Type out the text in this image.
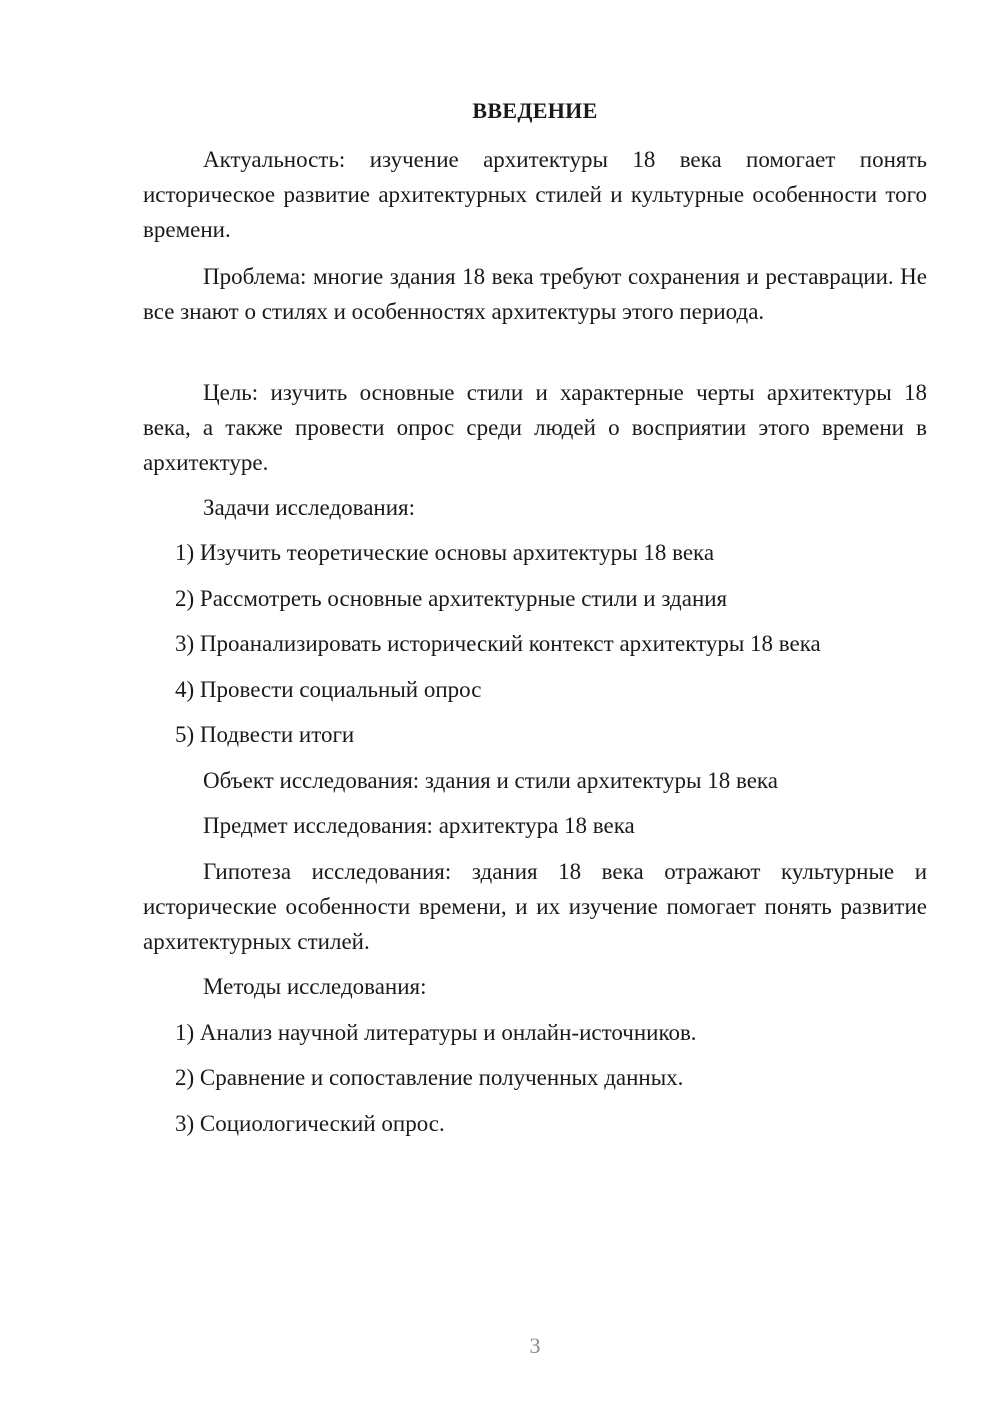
ВВЕДЕНИЕ

Актуальность: изучение архитектуры 18 века помогает понять историческое развитие архитектурных стилей и культурные особенности того времени.

Проблема: многие здания 18 века требуют сохранения и реставрации. Не все знают о стилях и особенностях архитектуры этого периода.

Цель: изучить основные стили и характерные черты архитектуры 18 века, а также провести опрос среди людей о восприятии этого времени в архитектуре.

Задачи исследования:

1) Изучить теоретические основы архитектуры 18 века

2) Рассмотреть основные архитектурные стили и здания

3) Проанализировать исторический контекст архитектуры 18 века

4) Провести социальный опрос

5) Подвести итоги

Объект исследования: здания и стили архитектуры 18 века

Предмет исследования: архитектура 18 века

Гипотеза исследования: здания 18 века отражают культурные и исторические особенности времени, и их изучение помогает понять развитие архитектурных стилей.

Методы исследования:

1) Анализ научной литературы и онлайн-источников.

2) Сравнение и сопоставление полученных данных.

3) Социологический опрос.

3
